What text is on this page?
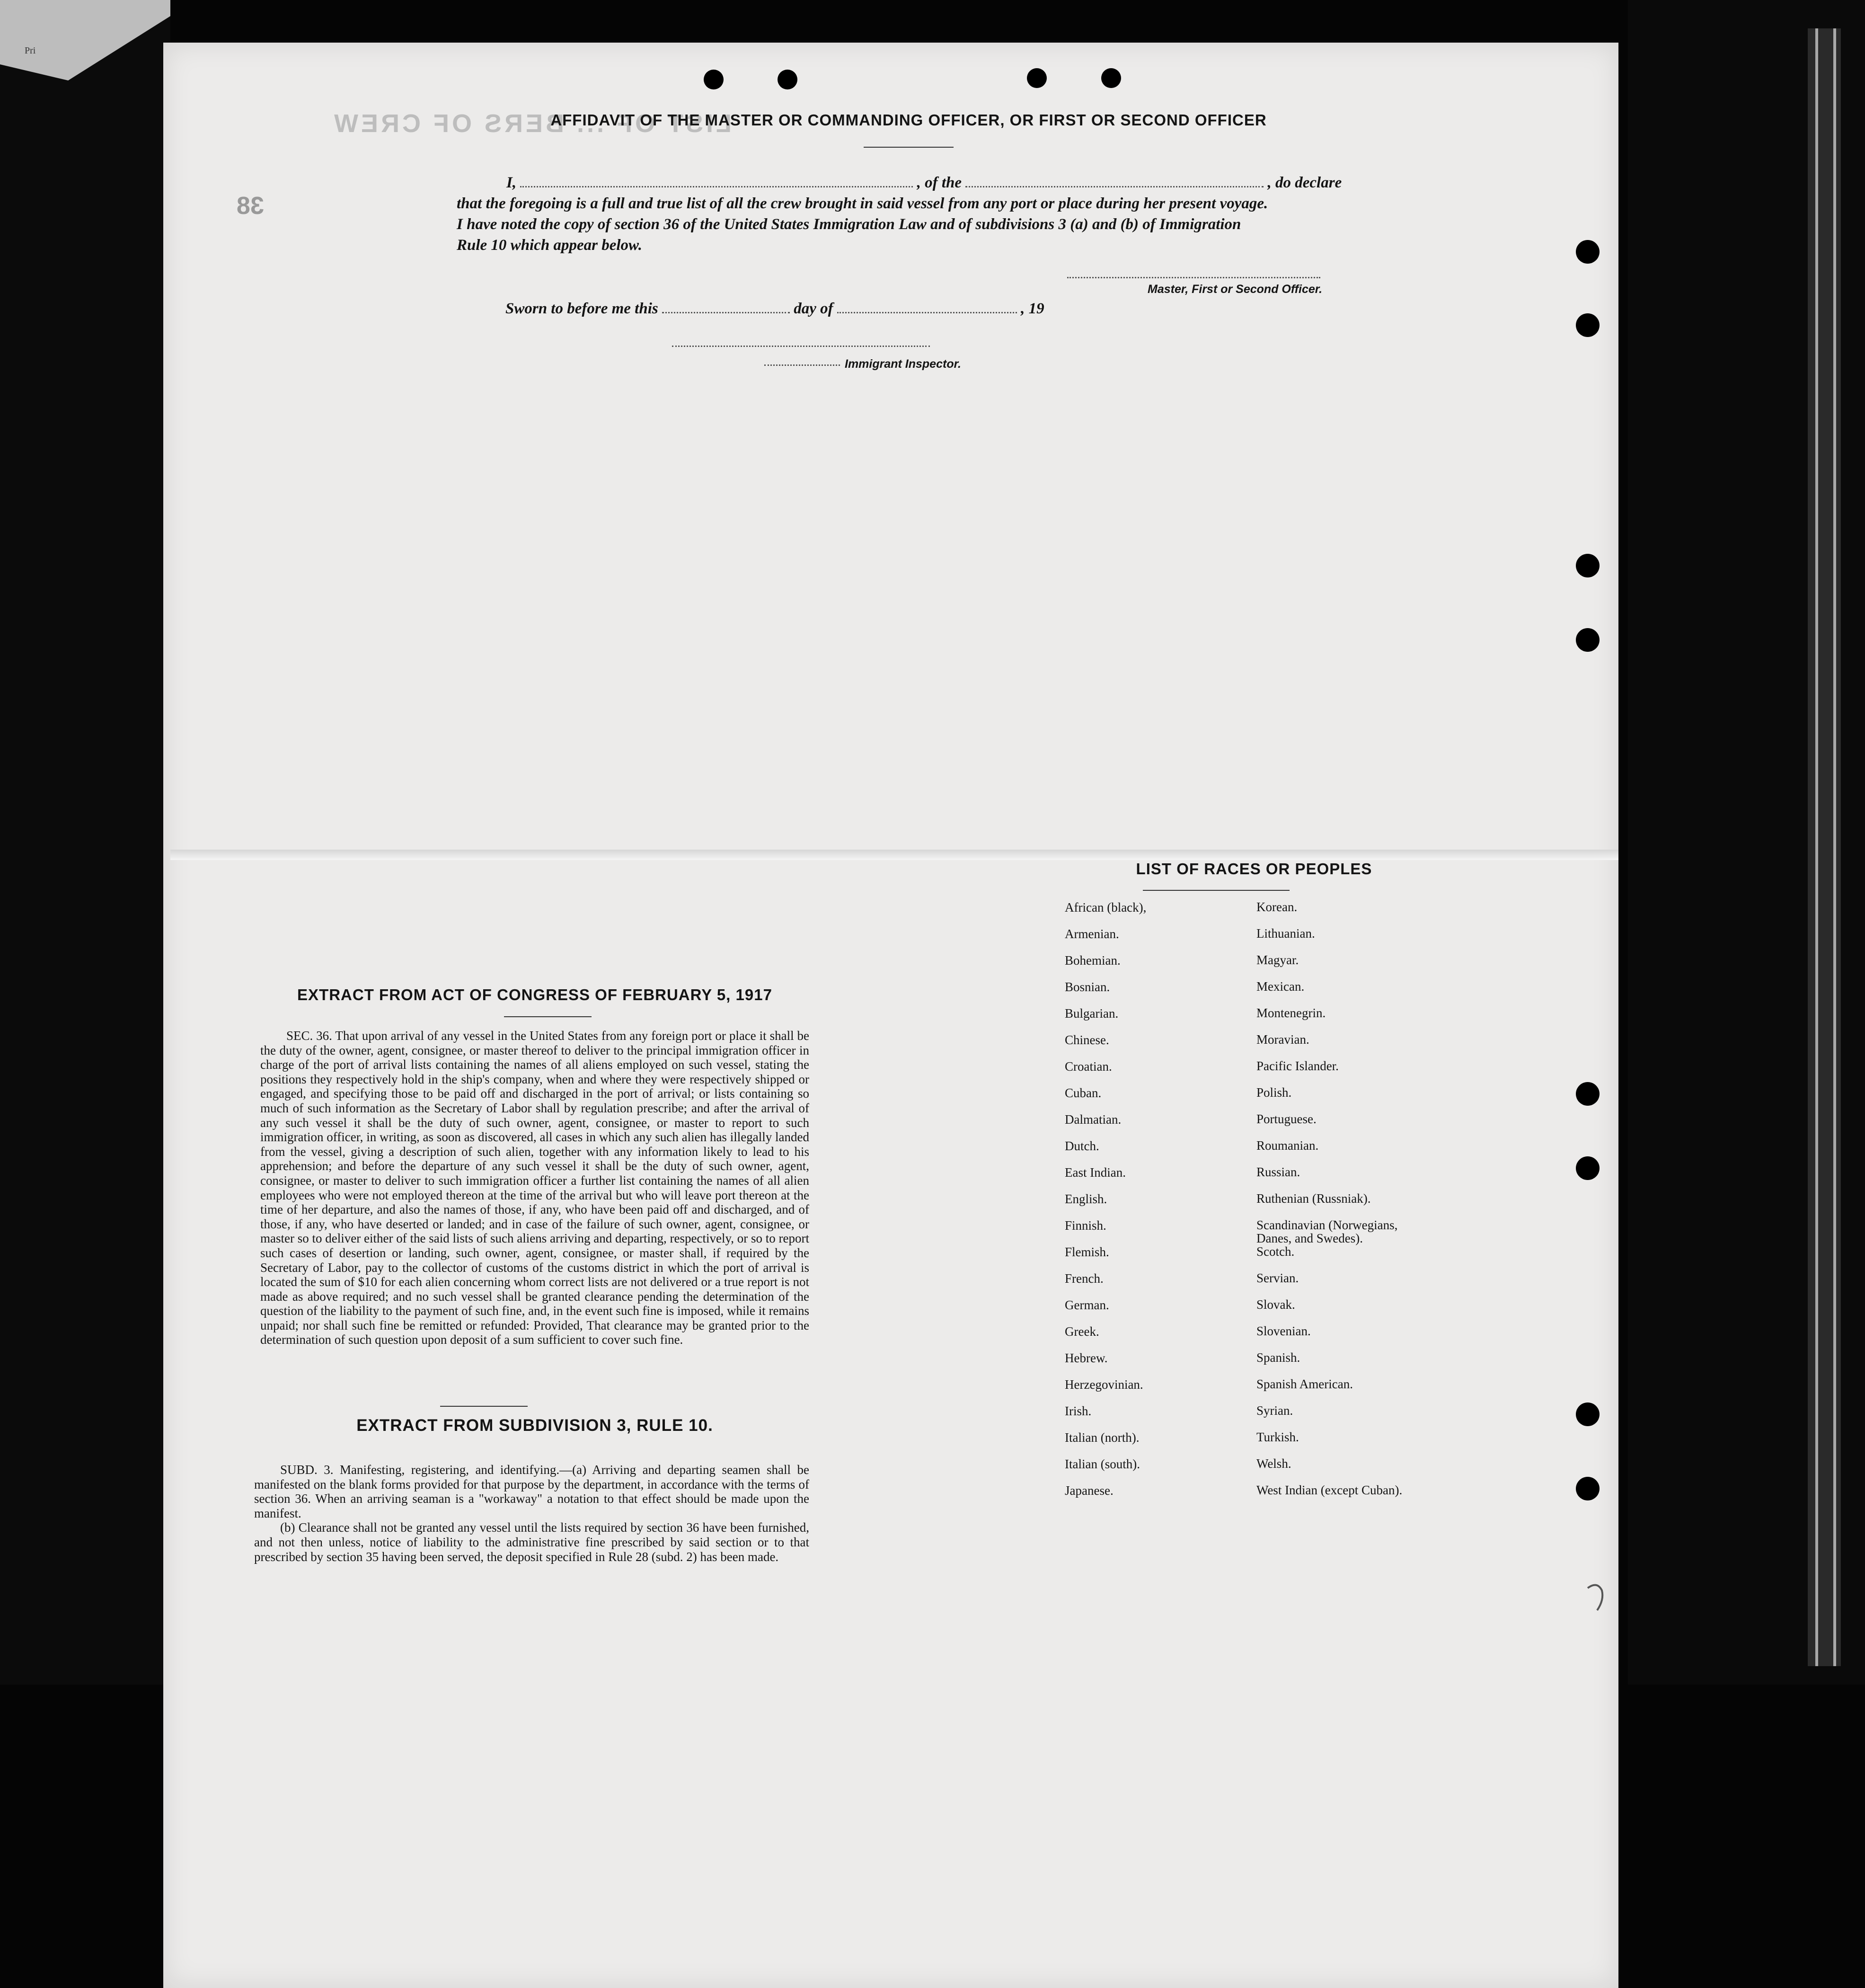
Pri
LIST OF ... BERS OF CREW
38
AFFIDAVIT OF THE MASTER OR COMMANDING OFFICER, OR FIRST OR SECOND OFFICER
I,	, of the	, do declare
that the foregoing is a full and true list of all the crew brought in said vessel from any port or place during her present voyage.
I have noted the copy of section 36 of the United States Immigration Law and of subdivisions 3 (a) and (b) of Immigration
Rule 10 which appear below.
Master, First or Second Officer.
Sworn to before me this	day of	, 19
Immigrant Inspector.
EXTRACT FROM ACT OF CONGRESS OF FEBRUARY 5, 1917

SEC. 36. That upon arrival of any vessel in the United States from any foreign port or place it shall be the duty of the owner, agent, consignee, or master thereof to deliver to the principal immigration officer in charge of the port of arrival lists containing the names of all aliens employed on such vessel, stating the positions they respectively hold in the ship's company, when and where they were respectively shipped or engaged, and specifying those to be paid off and discharged in the port of arrival; or lists containing so much of such information as the Secretary of Labor shall by regulation prescribe; and after the arrival of any such vessel it shall be the duty of such owner, agent, consignee, or master to report to such immigration officer, in writing, as soon as discovered, all cases in which any such alien has illegally landed from the vessel, giving a description of such alien, together with any information likely to lead to his apprehension; and before the departure of any such vessel it shall be the duty of such owner, agent, consignee, or master to deliver to such immigration officer a further list containing the names of all alien employees who were not employed thereon at the time of the arrival but who will leave port thereon at the time of her departure, and also the names of those, if any, who have been paid off and discharged, and of those, if any, who have deserted or landed; and in case of the failure of such owner, agent, consignee, or master so to deliver either of the said lists of such aliens arriving and departing, respectively, or so to report such cases of desertion or landing, such owner, agent, consignee, or master shall, if required by the Secretary of Labor, pay to the collector of customs of the customs district in which the port of arrival is located the sum of $10 for each alien concerning whom correct lists are not delivered or a true report is not made as above required; and no such vessel shall be granted clearance pending the determination of the question of the liability to the payment of such fine, and, in the event such fine is imposed, while it remains unpaid; nor shall such fine be remitted or refunded: Provided, That clearance may be granted prior to the determination of such question upon deposit of a sum sufficient to cover such fine.

EXTRACT FROM SUBDIVISION 3, RULE 10.

SUBD. 3. Manifesting, registering, and identifying.—(a) Arriving and departing seamen shall be manifested on the blank forms provided for that purpose by the department, in accordance with the terms of section 36. When an arriving seaman is a "workaway" a notation to that effect should be made upon the manifest.

(b) Clearance shall not be granted any vessel until the lists required by section 36 have been furnished, and not then unless, notice of liability to the administrative fine prescribed by said section or to that prescribed by section 35 having been served, the deposit specified in Rule 28 (subd. 2) has been made.

LIST OF RACES OR PEOPLES
African (black),	Korean.
Armenian.	Lithuanian.
Bohemian.	Magyar.
Bosnian.	Mexican.
Bulgarian.	Montenegrin.
Chinese.	Moravian.
Croatian.	Pacific Islander.
Cuban.	Polish.
Dalmatian.	Portuguese.
Dutch.	Roumanian.
East Indian.	Russian.
English.	Ruthenian (Russniak).
Finnish.	Scandinavian (Norwegians, Danes, and Swedes).
Flemish.	Scotch.
French.	Servian.
German.	Slovak.
Greek.	Slovenian.
Hebrew.	Spanish.
Herzegovinian.	Spanish American.
Irish.	Syrian.
Italian (north).	Turkish.
Italian (south).	Welsh.
Japanese.	West Indian (except Cuban).
